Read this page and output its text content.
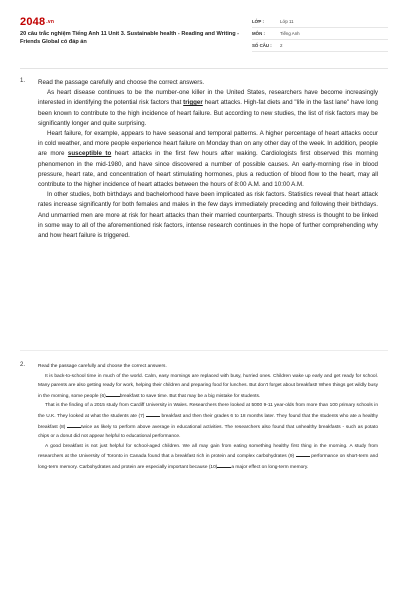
2048.vn
20 câu trắc nghiệm Tiếng Anh 11 Unit 3. Sustainable health - Reading and Writing - Friends Global có đáp án
LỚP :	Lớp 11
MÔN :	Tiếng Anh
SỐ CÂU :	2
1. Read the passage carefully and choose the correct answers.

As heart disease continues to be the number-one killer in the United States, researchers have become increasingly interested in identifying the potential risk factors that trigger heart attacks. High-fat diets and "life in the fast lane" have long been known to contribute to the high incidence of heart failure. But according to new studies, the list of risk factors may be significantly longer and quite surprising.

Heart failure, for example, appears to have seasonal and temporal patterns. A higher percentage of heart attacks occur in cold weather, and more people experience heart failure on Monday than on any other day of the week. In addition, people are more susceptible to heart attacks in the first few hours after waking. Cardiologists first observed this morning phenomenon in the mid-1980, and have since discovered a number of possible causes. An early-morning rise in blood pressure, heart rate, and concentration of heart stimulating hormones, plus a reduction of blood flow to the heart, may all contribute to the higher incidence of heart attacks between the hours of 8:00 A.M. and 10:00 A.M.

In other studies, both birthdays and bachelorhood have been implicated as risk factors. Statistics reveal that heart attack rates increase significantly for both females and males in the few days immediately preceding and following their birthdays. And unmarried men are more at risk for heart attacks than their married counterparts. Though stress is thought to be linked in some way to all of the aforementioned risk factors, intense research continues in the hope of further comprehending why and how heart failure is triggered.

2.	Read the passage carefully and choose the correct answers.

It is back-to-school time in much of the world. Calm, easy mornings are replaced with busy, hurried ones. Children wake up early and get ready for school. Many parents are also getting ready for work, helping their children and preparing food for lunches. But don't forget about breakfast! When things get wildly busy in the morning, some people (6)	breakfast to save time. But that may be a big mistake for students.

That is the finding of a 2015 study from Cardiff University in Wales. Researchers there looked at 5000 9-11 year-olds from more than 100 primary schools in the U.K. They looked at what the students ate (7)	breakfast and then their grades 6 to 18 months later. They found that the students who ate a healthy breakfast (8)	twice as likely to perform above average in educational activities. The researchers also found that unhealthy breakfasts - such as potato chips or a donut did not appear helpful to educational performance.

A good breakfast is not just helpful for school-aged children. We all may gain from eating something healthy first thing in the morning. A study from researchers at the University of Toronto in Canada found that a breakfast rich in protein and complex carbohydrates (9)	performance on short-term and long-term memory. Carbohydrates and protein are especially important because (10)	a major effect on long-term memory.
